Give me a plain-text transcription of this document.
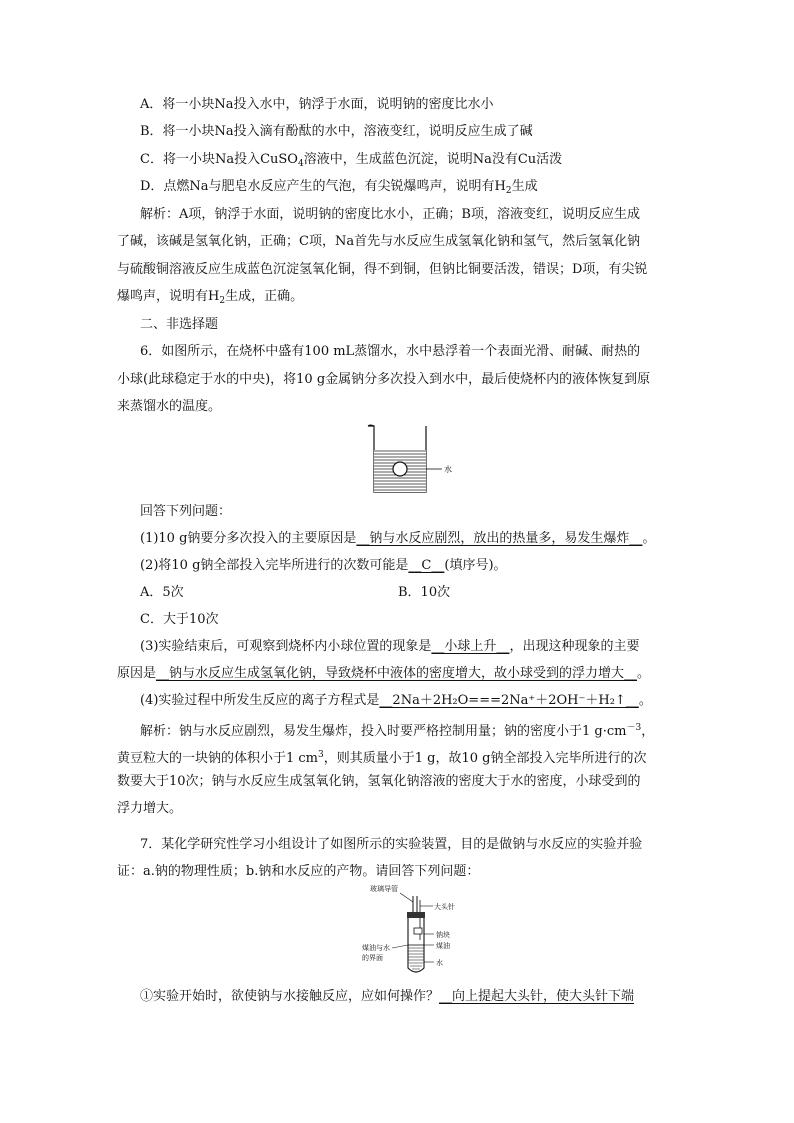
A．将一小块Na投入水中，钠浮于水面，说明钠的密度比水小
B．将一小块Na投入滴有酚酞的水中，溶液变红，说明反应生成了碱
C．将一小块Na投入CuSO$_4$溶液中，生成蓝色沉淀，说明Na没有Cu活泼
D．点燃Na与肥皂水反应产生的气泡，有尖锐爆鸣声，说明有$H_2$生成
解析：A项，钠浮于水面，说明钠的密度比水小，正确；B项，溶液变红，说明反应生成
了碱，该碱是氢氧化钠，正确；C项，Na首先与水反应生成氢氧化钠和氢气，然后氢氧化钠
与硫酸铜溶液反应生成蓝色沉淀氢氧化铜，得不到铜，但钠比铜要活泼，错误；D项，有尖锐
爆鸣声，说明有$H_2$生成，正确。
二、非选择题
6．如图所示，在烧杯中盛有100 mL蒸馏水，水中悬浮着一个表面光滑、耐碱、耐热的
小球(此球稳定于水的中央)，将10 g金属钠分多次投入到水中，最后使烧杯内的液体恢复到原
来蒸馏水的温度。
水
回答下列问题：
(1)10 g钠要分多次投入的主要原因是__钠与水反应剧烈，放出的热量多，易发生爆炸__。
(2)将10 g钠全部投入完毕所进行的次数可能是__C__(填序号)。
A．5次	B．10次
C．大于10次
(3)实验结束后，可观察到烧杯内小球位置的现象是__小球上升__，出现这种现象的主要
原因是__钠与水反应生成氢氧化钠，导致烧杯中液体的密度增大，故小球受到的浮力增大__。
(4)实验过程中所发生反应的离子方程式是__2Na＋2H₂O===2Na⁺＋2OH⁻＋H₂↑__。
解析：钠与水反应剧烈，易发生爆炸，投入时要严格控制用量；钠的密度小于1 $g\cdot cm^{-3}$，
黄豆粒大的一块钠的体积小于1 $cm^3$，则其质量小于1 g，故10 g钠全部投入完毕所进行的次
数要大于10次；钠与水反应生成氢氧化钠，氢氧化钠溶液的密度大于水的密度，小球受到的
浮力增大。
7．某化学研究性学习小组设计了如图所示的实验装置，目的是做钠与水反应的实验并验
证：a.钠的物理性质；b.钠和水反应的产物。请回答下列问题：
玻璃导管
大头针
钠块
煤油
水
煤油与水
的界面
①实验开始时，欲使钠与水接触反应，应如何操作？__向上提起大头针，使大头针下端
